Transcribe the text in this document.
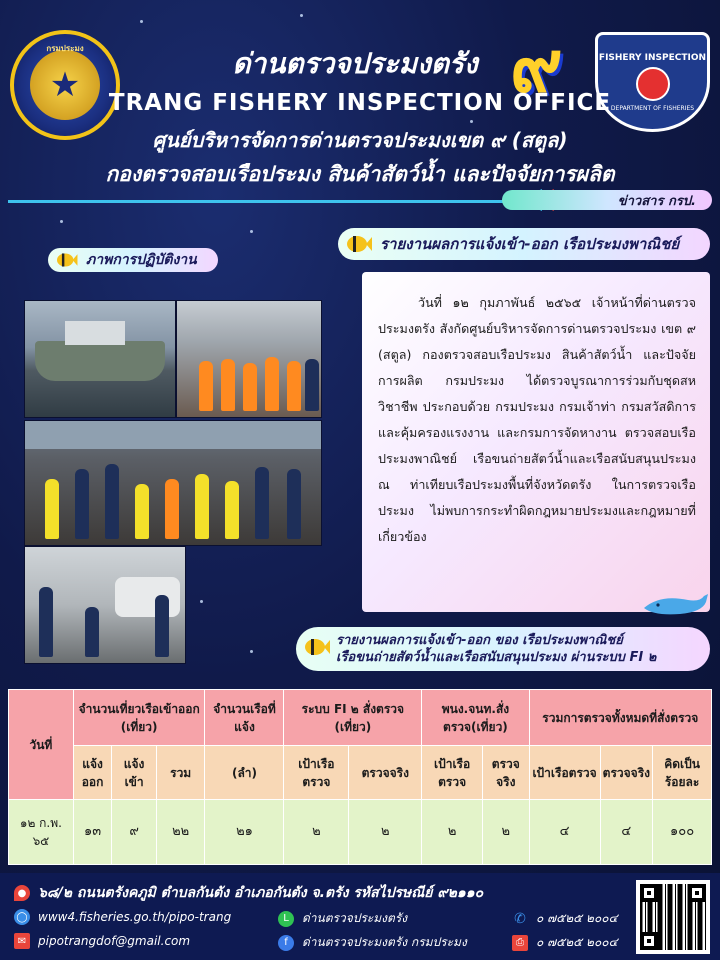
กรมประมง
★	๙	FISHERY INSPECTION
DEPARTMENT OF FISHERIES
ด่านตรวจประมงตรัง
TRANG FISHERY INSPECTION OFFICE
ศูนย์บริหารจัดการด่านตรวจประมงเขต ๙ (สตูล)
กองตรวจสอบเรือประมง สินค้าสัตว์น้ำ และปัจจัยการผลิต
ข่าวสาร กรป.
รายงานผลการแจ้งเข้า-ออก เรือประมงพาณิชย์
ภาพการปฏิบัติงาน

วันที่ ๑๒ กุมภาพันธ์ ๒๕๖๕ เจ้าหน้าที่ด่านตรวจประมงตรัง สังกัดศูนย์บริหารจัดการด่านตรวจประมง เขต ๙ (สตูล) กองตรวจสอบเรือประมง สินค้าสัตว์น้ำ และปัจจัยการผลิต กรมประมง ได้ตรวจบูรณาการร่วมกับชุดสหวิชาชีพ ประกอบด้วย กรมประมง กรมเจ้าท่า กรมสวัสดิการและคุ้มครองแรงงาน และกรมการจัดหางาน ตรวจสอบเรือประมงพาณิชย์ เรือขนถ่ายสัตว์น้ำและเรือสนับสนุนประมง ณ ท่าเทียบเรือประมงพื้นที่จังหวัดตรัง ในการตรวจเรือประมง ไม่พบการกระทำผิดกฎหมายประมงและกฎหมายที่เกี่ยวข้อง

รายงานผลการแจ้งเข้า-ออก ของ เรือประมงพาณิชย์
เรือขนถ่ายสัตว์น้ำและเรือสนับสนุนประมง ผ่านระบบ FI ๒
วันที่	จำนวนเที่ยวเรือเข้าออก (เที่ยว)			จำนวนเรือที่แจ้ง	ระบบ FI ๒ สั่งตรวจ (เที่ยว)		พนง.จนท.สั่งตรวจ(เที่ยว)		รวมการตรวจทั้งหมดที่สั่งตรวจ		
	แจ้งออก	แจ้งเข้า	รวม	(ลำ)	เป้าเรือตรวจ	ตรวจจริง	เป้าเรือตรวจ	ตรวจจริง	เป้าเรือตรวจ	ตรวจจริง	คิดเป็นร้อยละ
๑๒ ก.พ. ๖๕	๑๓	๙	๒๒	๒๑	๒	๒	๒	๒	๔	๔	๑๐๐
● ๖๘/๒ ถนนตรังคภูมิ ตำบลกันตัง อำเภอกันตัง จ.ตรัง รหัสไปรษณีย์ ๙๒๑๑๐
◯ www4.fisheries.go.th/pipo-trang	L	ด่านตรวจประมงตรัง	✆ ๐ ๗๕๒๕ ๒๐๐๔
✉ pipotrangdof@gmail.com	f	ด่านตรวจประมงตรัง กรมประมง	⎙	๐ ๗๕๒๕ ๒๐๐๔
